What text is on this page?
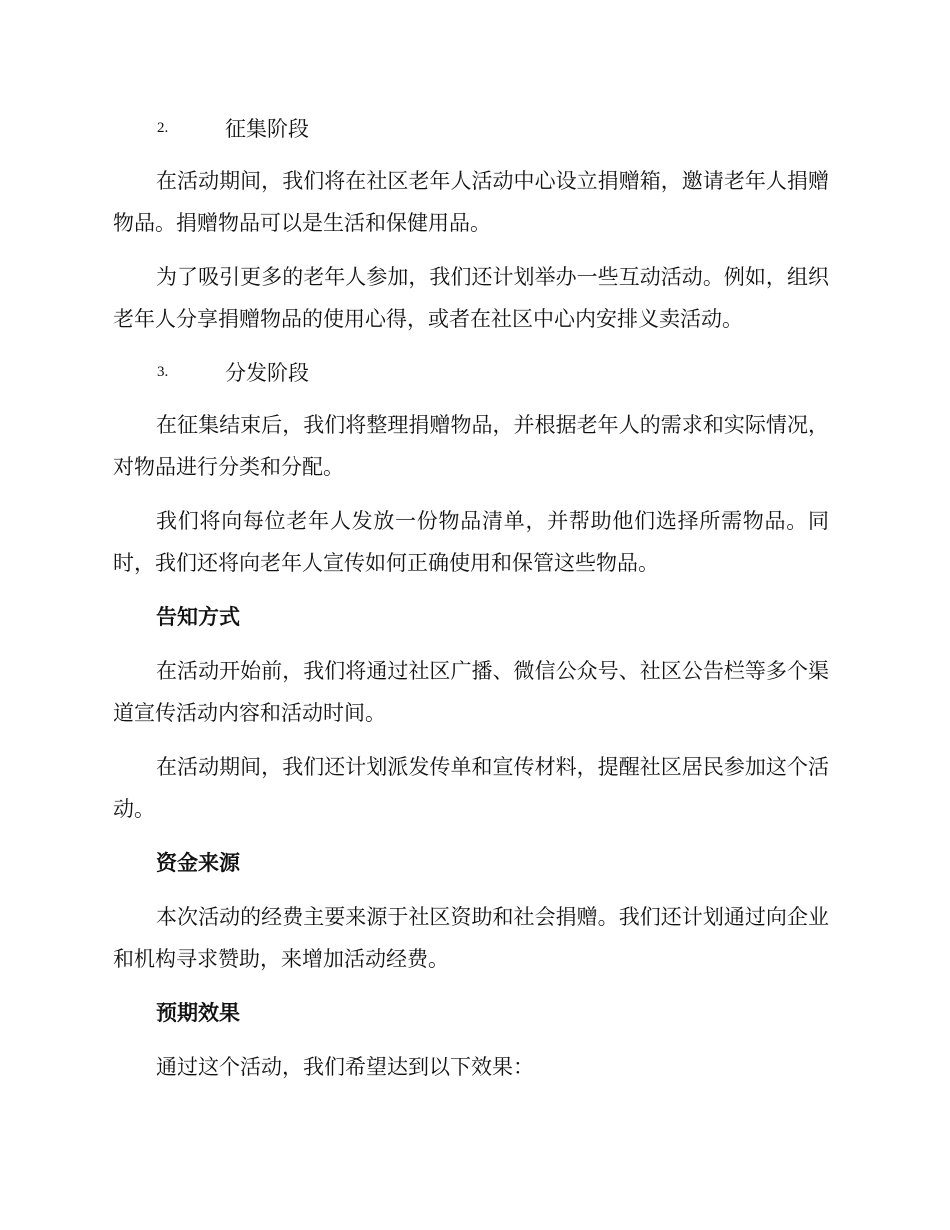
2.	征集阶段

在活动期间，我们将在社区老年人活动中心设立捐赠箱，邀请老年人捐赠物品。捐赠物品可以是生活和保健用品。

为了吸引更多的老年人参加，我们还计划举办一些互动活动。例如，组织老年人分享捐赠物品的使用心得，或者在社区中心内安排义卖活动。

3.	分发阶段

在征集结束后，我们将整理捐赠物品，并根据老年人的需求和实际情况，对物品进行分类和分配。

我们将向每位老年人发放一份物品清单，并帮助他们选择所需物品。同时，我们还将向老年人宣传如何正确使用和保管这些物品。

告知方式

在活动开始前，我们将通过社区广播、微信公众号、社区公告栏等多个渠道宣传活动内容和活动时间。

在活动期间，我们还计划派发传单和宣传材料，提醒社区居民参加这个活动。

资金来源

本次活动的经费主要来源于社区资助和社会捐赠。我们还计划通过向企业和机构寻求赞助，来增加活动经费。

预期效果

通过这个活动，我们希望达到以下效果：
